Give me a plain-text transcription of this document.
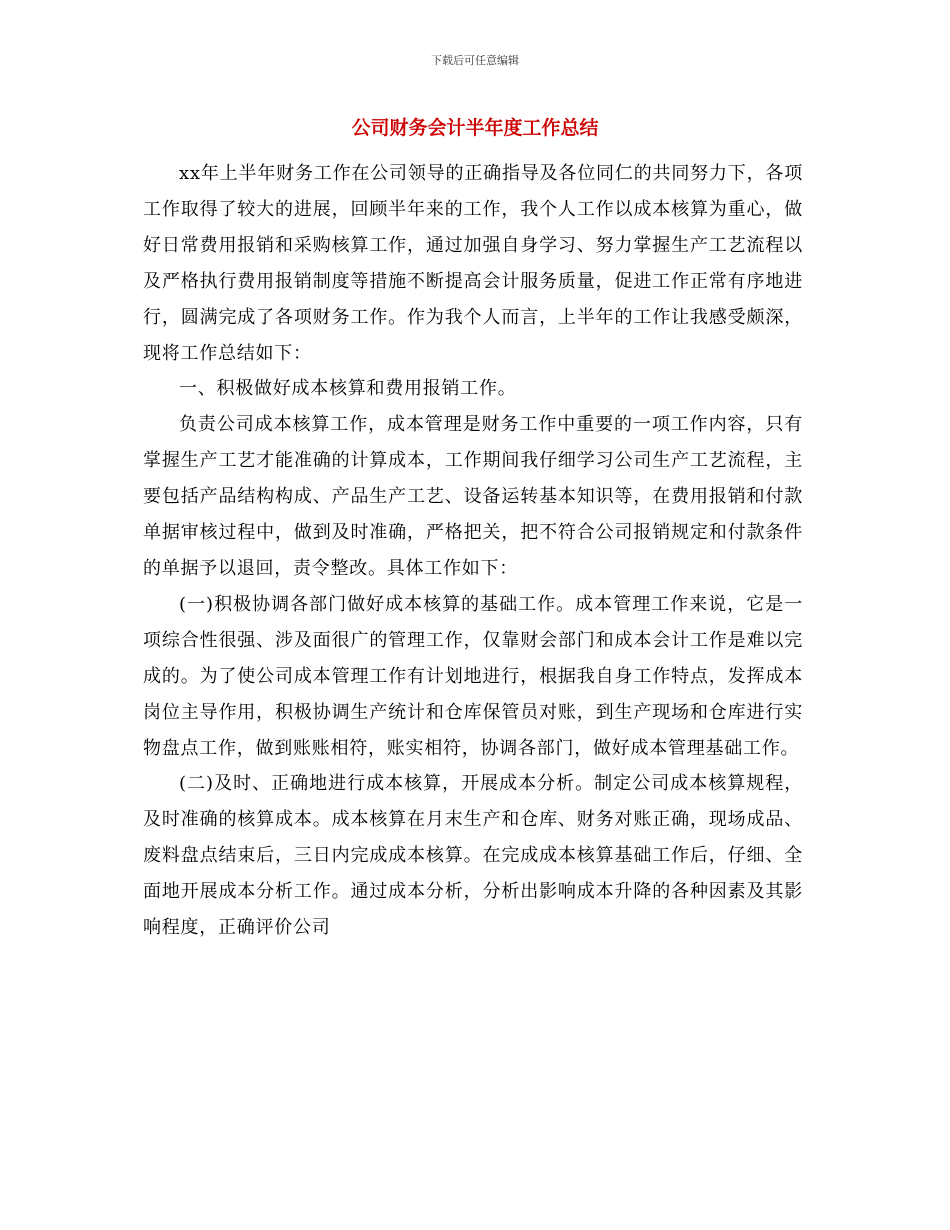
下载后可任意编辑
公司财务会计半年度工作总结

xx年上半年财务工作在公司领导的正确指导及各位同仁的共同努力下，各项工作取得了较大的进展，回顾半年来的工作，我个人工作以成本核算为重心，做好日常费用报销和采购核算工作，通过加强自身学习、努力掌握生产工艺流程以及严格执行费用报销制度等措施不断提高会计服务质量，促进工作正常有序地进行，圆满完成了各项财务工作。作为我个人而言，上半年的工作让我感受颇深，现将工作总结如下：

一、积极做好成本核算和费用报销工作。

负责公司成本核算工作，成本管理是财务工作中重要的一项工作内容，只有掌握生产工艺才能准确的计算成本，工作期间我仔细学习公司生产工艺流程，主要包括产品结构构成、产品生产工艺、设备运转基本知识等，在费用报销和付款单据审核过程中，做到及时准确，严格把关，把不符合公司报销规定和付款条件的单据予以退回，责令整改。具体工作如下：

(一)积极协调各部门做好成本核算的基础工作。成本管理工作来说，它是一项综合性很强、涉及面很广的管理工作，仅靠财会部门和成本会计工作是难以完成的。为了使公司成本管理工作有计划地进行，根据我自身工作特点，发挥成本岗位主导作用，积极协调生产统计和仓库保管员对账，到生产现场和仓库进行实物盘点工作，做到账账相符，账实相符，协调各部门，做好成本管理基础工作。

(二)及时、正确地进行成本核算，开展成本分析。制定公司成本核算规程，及时准确的核算成本。成本核算在月末生产和仓库、财务对账正确，现场成品、废料盘点结束后，三日内完成成本核算。在完成成本核算基础工作后，仔细、全面地开展成本分析工作。通过成本分析，分析出影响成本升降的各种因素及其影响程度，正确评价公司
